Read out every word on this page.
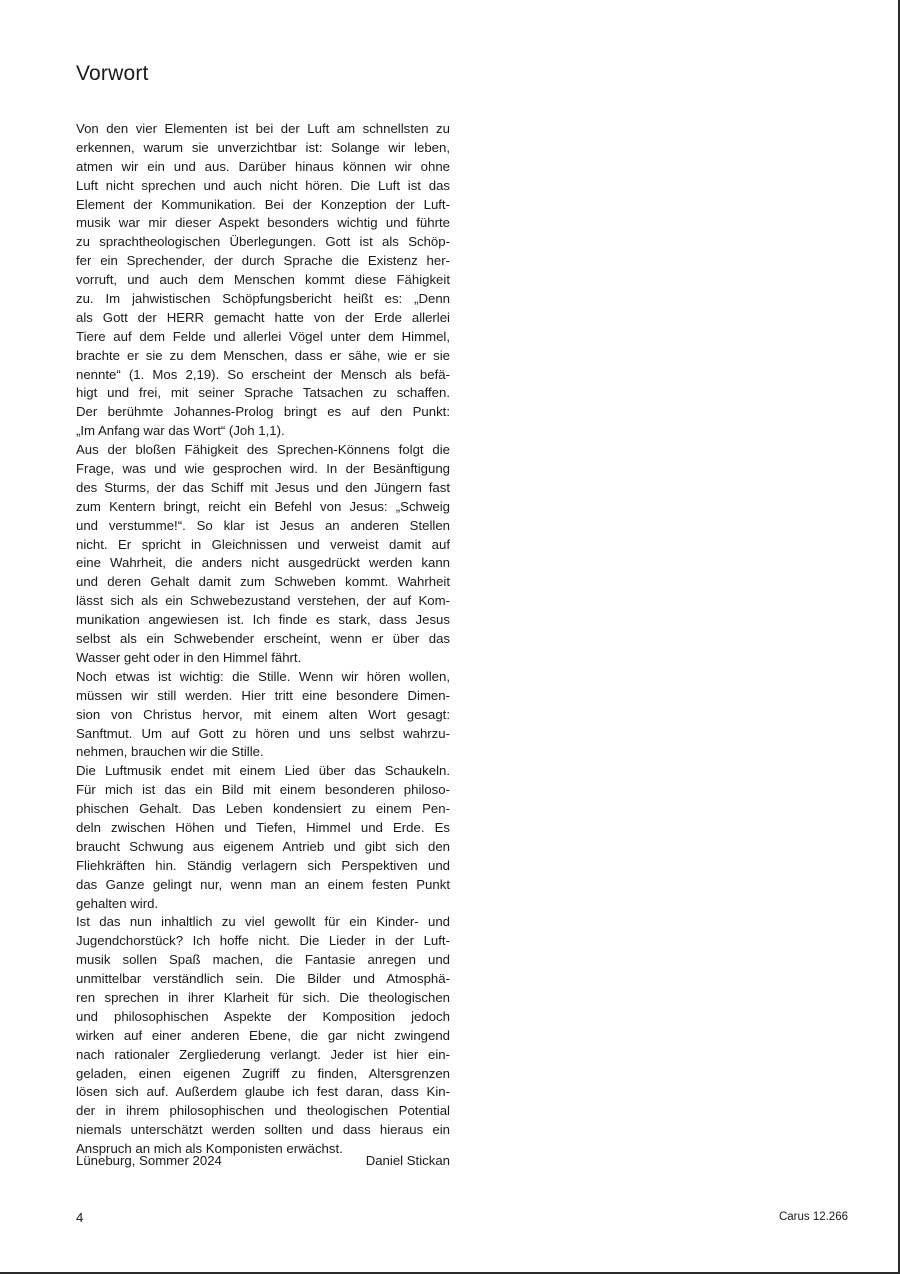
Vorwort
Von den vier Elementen ist bei der Luft am schnellsten zu
erkennen, warum sie unverzichtbar ist: Solange wir leben,
atmen wir ein und aus. Darüber hinaus können wir ohne
Luft nicht sprechen und auch nicht hören. Die Luft ist das
Element der Kommunikation. Bei der Konzeption der Luft-
musik war mir dieser Aspekt besonders wichtig und führte
zu sprachtheologischen Überlegungen. Gott ist als Schöp-
fer ein Sprechender, der durch Sprache die Existenz her-
vorruft, und auch dem Menschen kommt diese Fähigkeit
zu. Im jahwistischen Schöpfungsbericht heißt es: „Denn
als Gott der HERR gemacht hatte von der Erde allerlei
Tiere auf dem Felde und allerlei Vögel unter dem Himmel,
brachte er sie zu dem Menschen, dass er sähe, wie er sie
nennte“ (1. Mos 2,19). So erscheint der Mensch als befä-
higt und frei, mit seiner Sprache Tatsachen zu schaffen.
Der berühmte Johannes-Prolog bringt es auf den Punkt:
„Im Anfang war das Wort“ (Joh 1,1).
Aus der bloßen Fähigkeit des Sprechen-Könnens folgt die
Frage, was und wie gesprochen wird. In der Besänftigung
des Sturms, der das Schiff mit Jesus und den Jüngern fast
zum Kentern bringt, reicht ein Befehl von Jesus: „Schweig
und verstumme!“. So klar ist Jesus an anderen Stellen
nicht. Er spricht in Gleichnissen und verweist damit auf
eine Wahrheit, die anders nicht ausgedrückt werden kann
und deren Gehalt damit zum Schweben kommt. Wahrheit
lässt sich als ein Schwebezustand verstehen, der auf Kom-
munikation angewiesen ist. Ich finde es stark, dass Jesus
selbst als ein Schwebender erscheint, wenn er über das
Wasser geht oder in den Himmel fährt.
Noch etwas ist wichtig: die Stille. Wenn wir hören wollen,
müssen wir still werden. Hier tritt eine besondere Dimen-
sion von Christus hervor, mit einem alten Wort gesagt:
Sanftmut. Um auf Gott zu hören und uns selbst wahrzu-
nehmen, brauchen wir die Stille.
Die Luftmusik endet mit einem Lied über das Schaukeln.
Für mich ist das ein Bild mit einem besonderen philoso-
phischen Gehalt. Das Leben kondensiert zu einem Pen-
deln zwischen Höhen und Tiefen, Himmel und Erde. Es
braucht Schwung aus eigenem Antrieb und gibt sich den
Fliehkräften hin. Ständig verlagern sich Perspektiven und
das Ganze gelingt nur, wenn man an einem festen Punkt
gehalten wird.
Ist das nun inhaltlich zu viel gewollt für ein Kinder- und
Jugendchorstück? Ich hoffe nicht. Die Lieder in der Luft-
musik sollen Spaß machen, die Fantasie anregen und
unmittelbar verständlich sein. Die Bilder und Atmosphä-
ren sprechen in ihrer Klarheit für sich. Die theologischen
und philosophischen Aspekte der Komposition jedoch
wirken auf einer anderen Ebene, die gar nicht zwingend
nach rationaler Zergliederung verlangt. Jeder ist hier ein-
geladen, einen eigenen Zugriff zu finden, Altersgrenzen
lösen sich auf. Außerdem glaube ich fest daran, dass Kin-
der in ihrem philosophischen und theologischen Potential
niemals unterschätzt werden sollten und dass hieraus ein
Anspruch an mich als Komponisten erwächst.
Lüneburg, Sommer 2024	Daniel Stickan
4	Carus 12.266
